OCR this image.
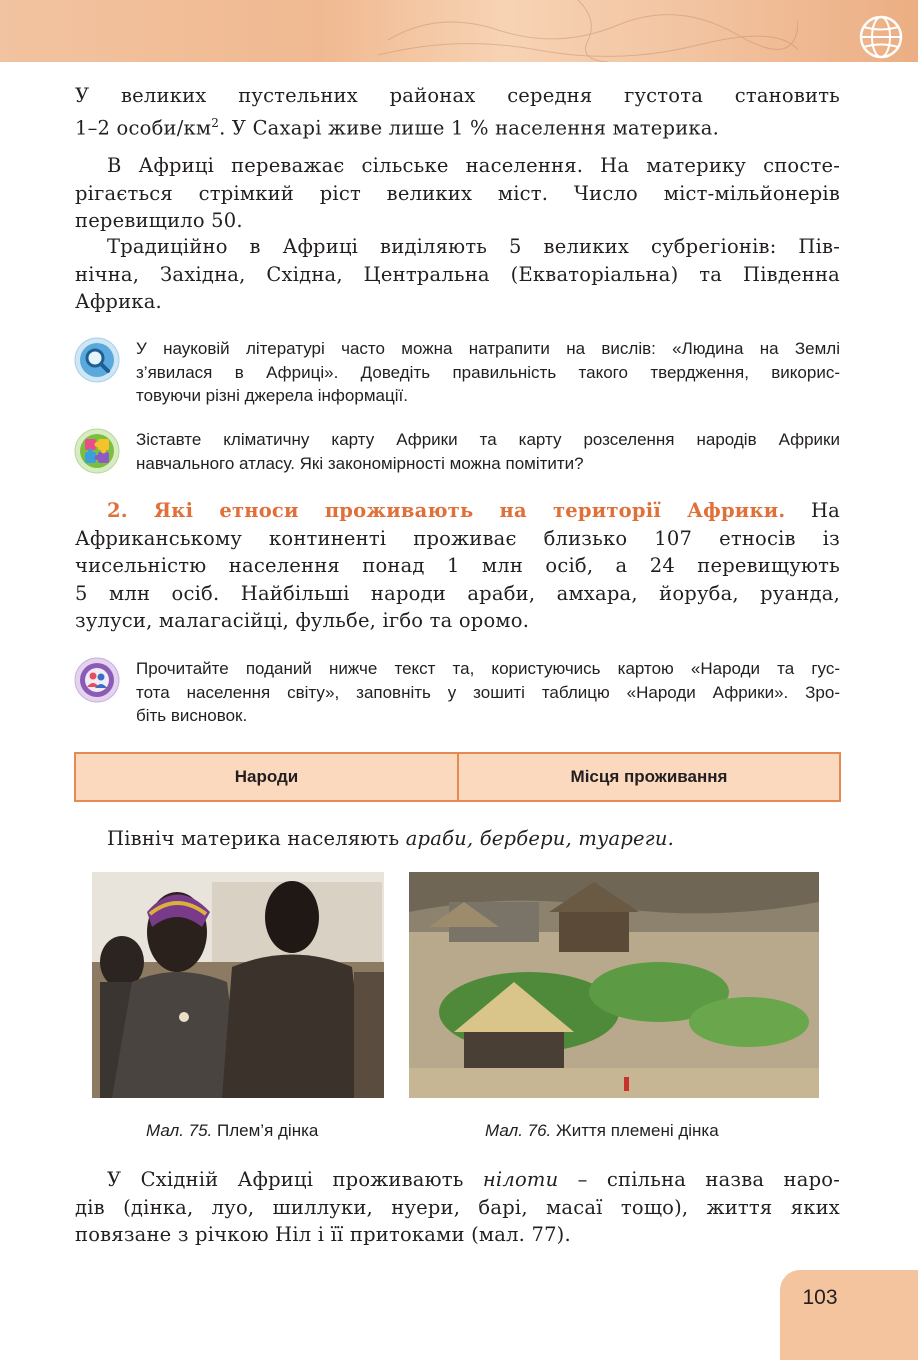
У великих пустельних районах середня густота становить
1–2 особи/$км^2$. У Сахарі живе лише 1 % населення материка.
В Африці переважає сільське населення. На материку спосте-
рігається стрімкий ріст великих міст. Число міст-мільйонерів
перевищило 50.
Традиційно в Африці виділяють 5 великих субрегіонів: Пів-
нічна, Західна, Східна, Центральна (Екваторіальна) та Південна
Африка.
У науковій літературі часто можна натрапити на вислів: «Людина на Землі
з’явилася в Африці». Доведіть правильність такого твердження, викорис-
товуючи різні джерела інформації.
Зіставте кліматичну карту Африки та карту розселення народів Африки
навчального атласу. Які закономірності можна помітити?
2. Які етноси проживають на території Африки. На
Африканському континенті проживає близько 107 етносів із
чисельністю населення понад 1 млн осіб, а 24 перевищують
5 млн осіб. Найбільші народи араби, амхара, йоруба, руанда,
зулуси, малагасійці, фульбе, ігбо та оромо.
Прочитайте поданий нижче текст та, користуючись картою «Народи та гус-
тота населення світу», заповніть у зошиті таблицю «Народи Африки». Зро-
біть висновок.
Народи	Місця проживання
Північ материка населяють араби, бербери, туареги.
Мал. 75. Плем’я дінка	Мал. 76. Життя племені дінка
У Східній Африці проживають нілоти – спільна назва наро-
дів (дінка, луо, шиллуки, нуери, барі, масаї тощо), життя яких
повязане з річкою Ніл і її притоками (мал. 77).
103
